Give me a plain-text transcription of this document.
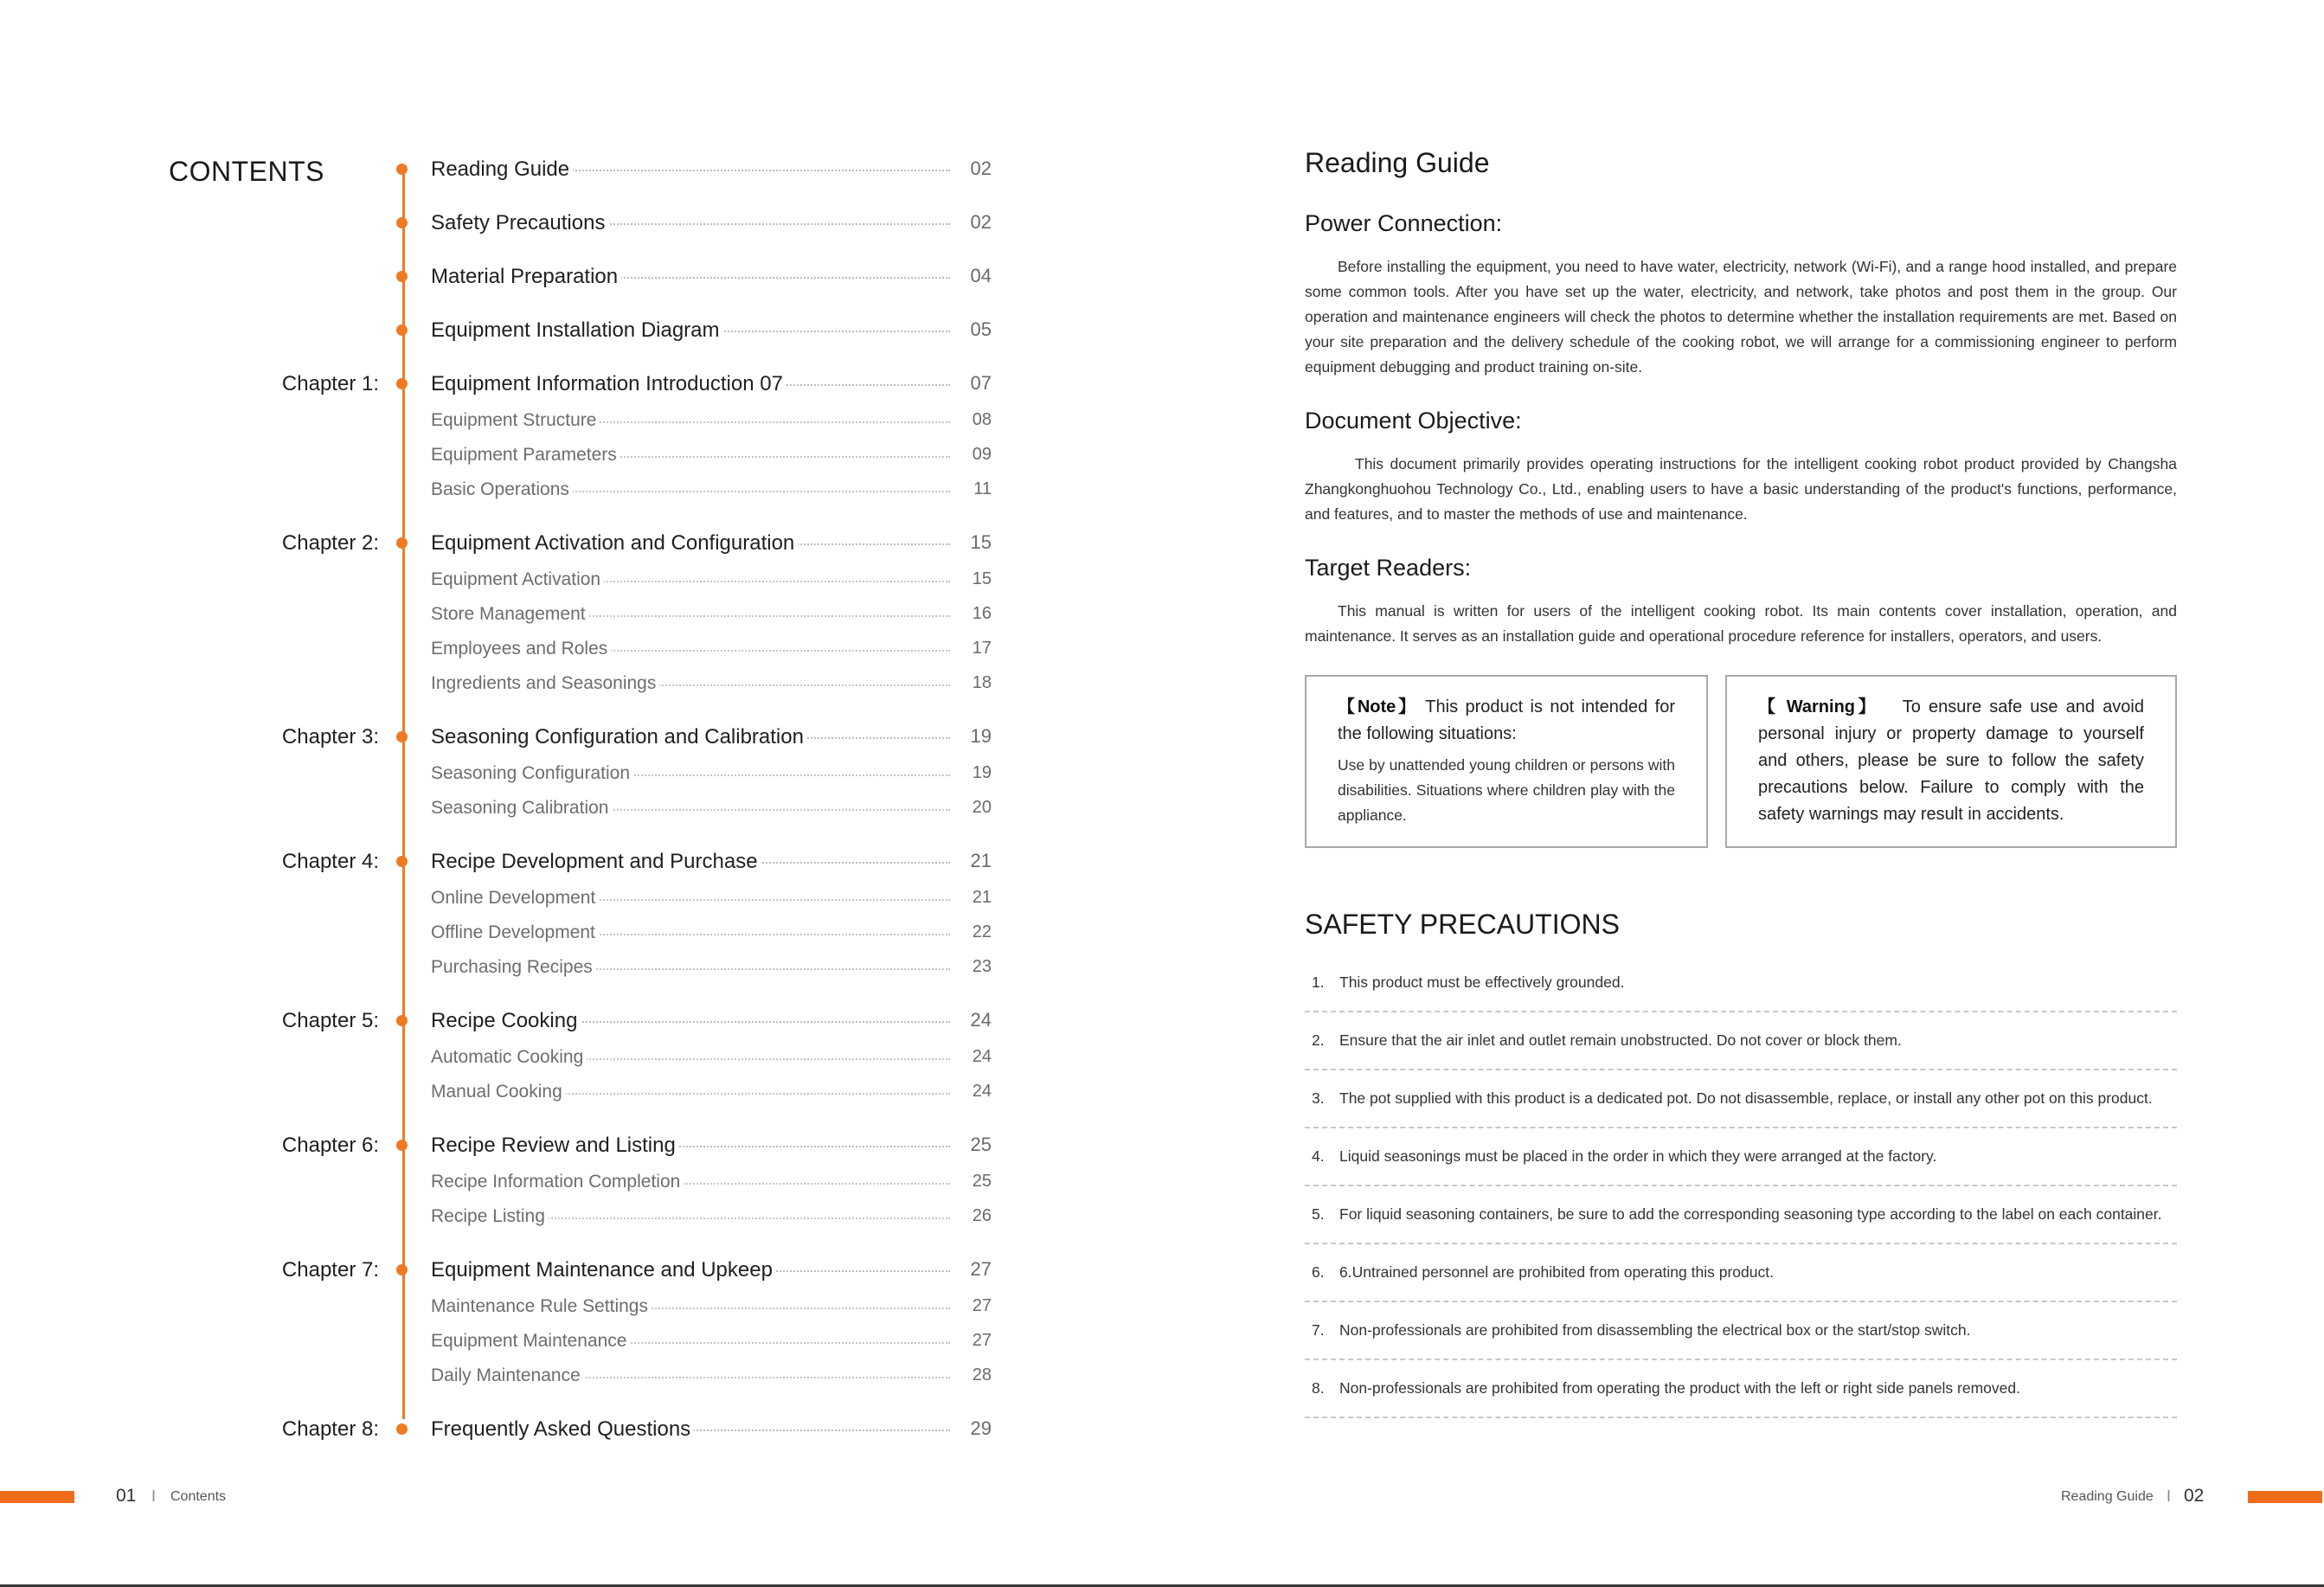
CONTENTS	Reading Guide	02
Safety Precautions	02
Material Preparation	04
Equipment Installation Diagram	05
Chapter 1:	Equipment Information Introduction 07	07
Equipment Structure	08
Equipment Parameters	09
Basic Operations	11
Chapter 2:	Equipment Activation and Configuration	15
Equipment Activation	15
Store Management	16
Employees and Roles	17
Ingredients and Seasonings	18
Chapter 3:	Seasoning Configuration and Calibration	19
Seasoning Configuration	19
Seasoning Calibration	20
Chapter 4:	Recipe Development and Purchase	21
Online Development	21
Offline Development	22
Purchasing Recipes	23
Chapter 5:	Recipe Cooking	24
Automatic Cooking	24
Manual Cooking	24
Chapter 6:	Recipe Review and Listing	25
Recipe Information Completion	25
Recipe Listing	26
Chapter 7:	Equipment Maintenance and Upkeep	27
Maintenance Rule Settings	27
Equipment Maintenance	27
Daily Maintenance	28
Chapter 8:	Frequently Asked Questions	29
Reading Guide
Power Connection:
Before installing the equipment, you need to have water, electricity, network (Wi-Fi), and a range hood installed, and prepare some common tools. After you have set up the water, electricity, and network, take photos and post them in the group. Our operation and maintenance engineers will check the photos to determine whether the installation requirements are met. Based on your site preparation and the delivery schedule of the cooking robot, we will arrange for a commissioning engineer to perform equipment debugging and product training on-site.
Document Objective:
This document primarily provides operating instructions for the intelligent cooking robot product provided by Changsha Zhangkonghuohou Technology Co., Ltd., enabling users to have a basic understanding of the product's functions, performance, and features, and to master the methods of use and maintenance.
Target Readers:
This manual is written for users of the intelligent cooking robot. Its main contents cover installation, operation, and maintenance. It serves as an installation guide and operational procedure reference for installers, operators, and users.
【Note】 This product is not intended for the following situations:
Use by unattended young children or persons with disabilities. Situations where children play with the appliance.
【 Warning】 To ensure safe use and avoid personal injury or property damage to yourself and others, please be sure to follow the safety precautions below. Failure to comply with the safety warnings may result in accidents.
SAFETY PRECAUTIONS
1. This product must be effectively grounded.
2. Ensure that the air inlet and outlet remain unobstructed. Do not cover or block them.
3. The pot supplied with this product is a dedicated pot. Do not disassemble, replace, or install any other pot on this product.
4. Liquid seasonings must be placed in the order in which they were arranged at the factory.
5. For liquid seasoning containers, be sure to add the corresponding seasoning type according to the label on each container.
6. 6.Untrained personnel are prohibited from operating this product.
7. Non-professionals are prohibited from disassembling the electrical box or the start/stop switch.
8. Non-professionals are prohibited from operating the product with the left or right side panels removed.
01 I Contents	Reading Guide I 02
